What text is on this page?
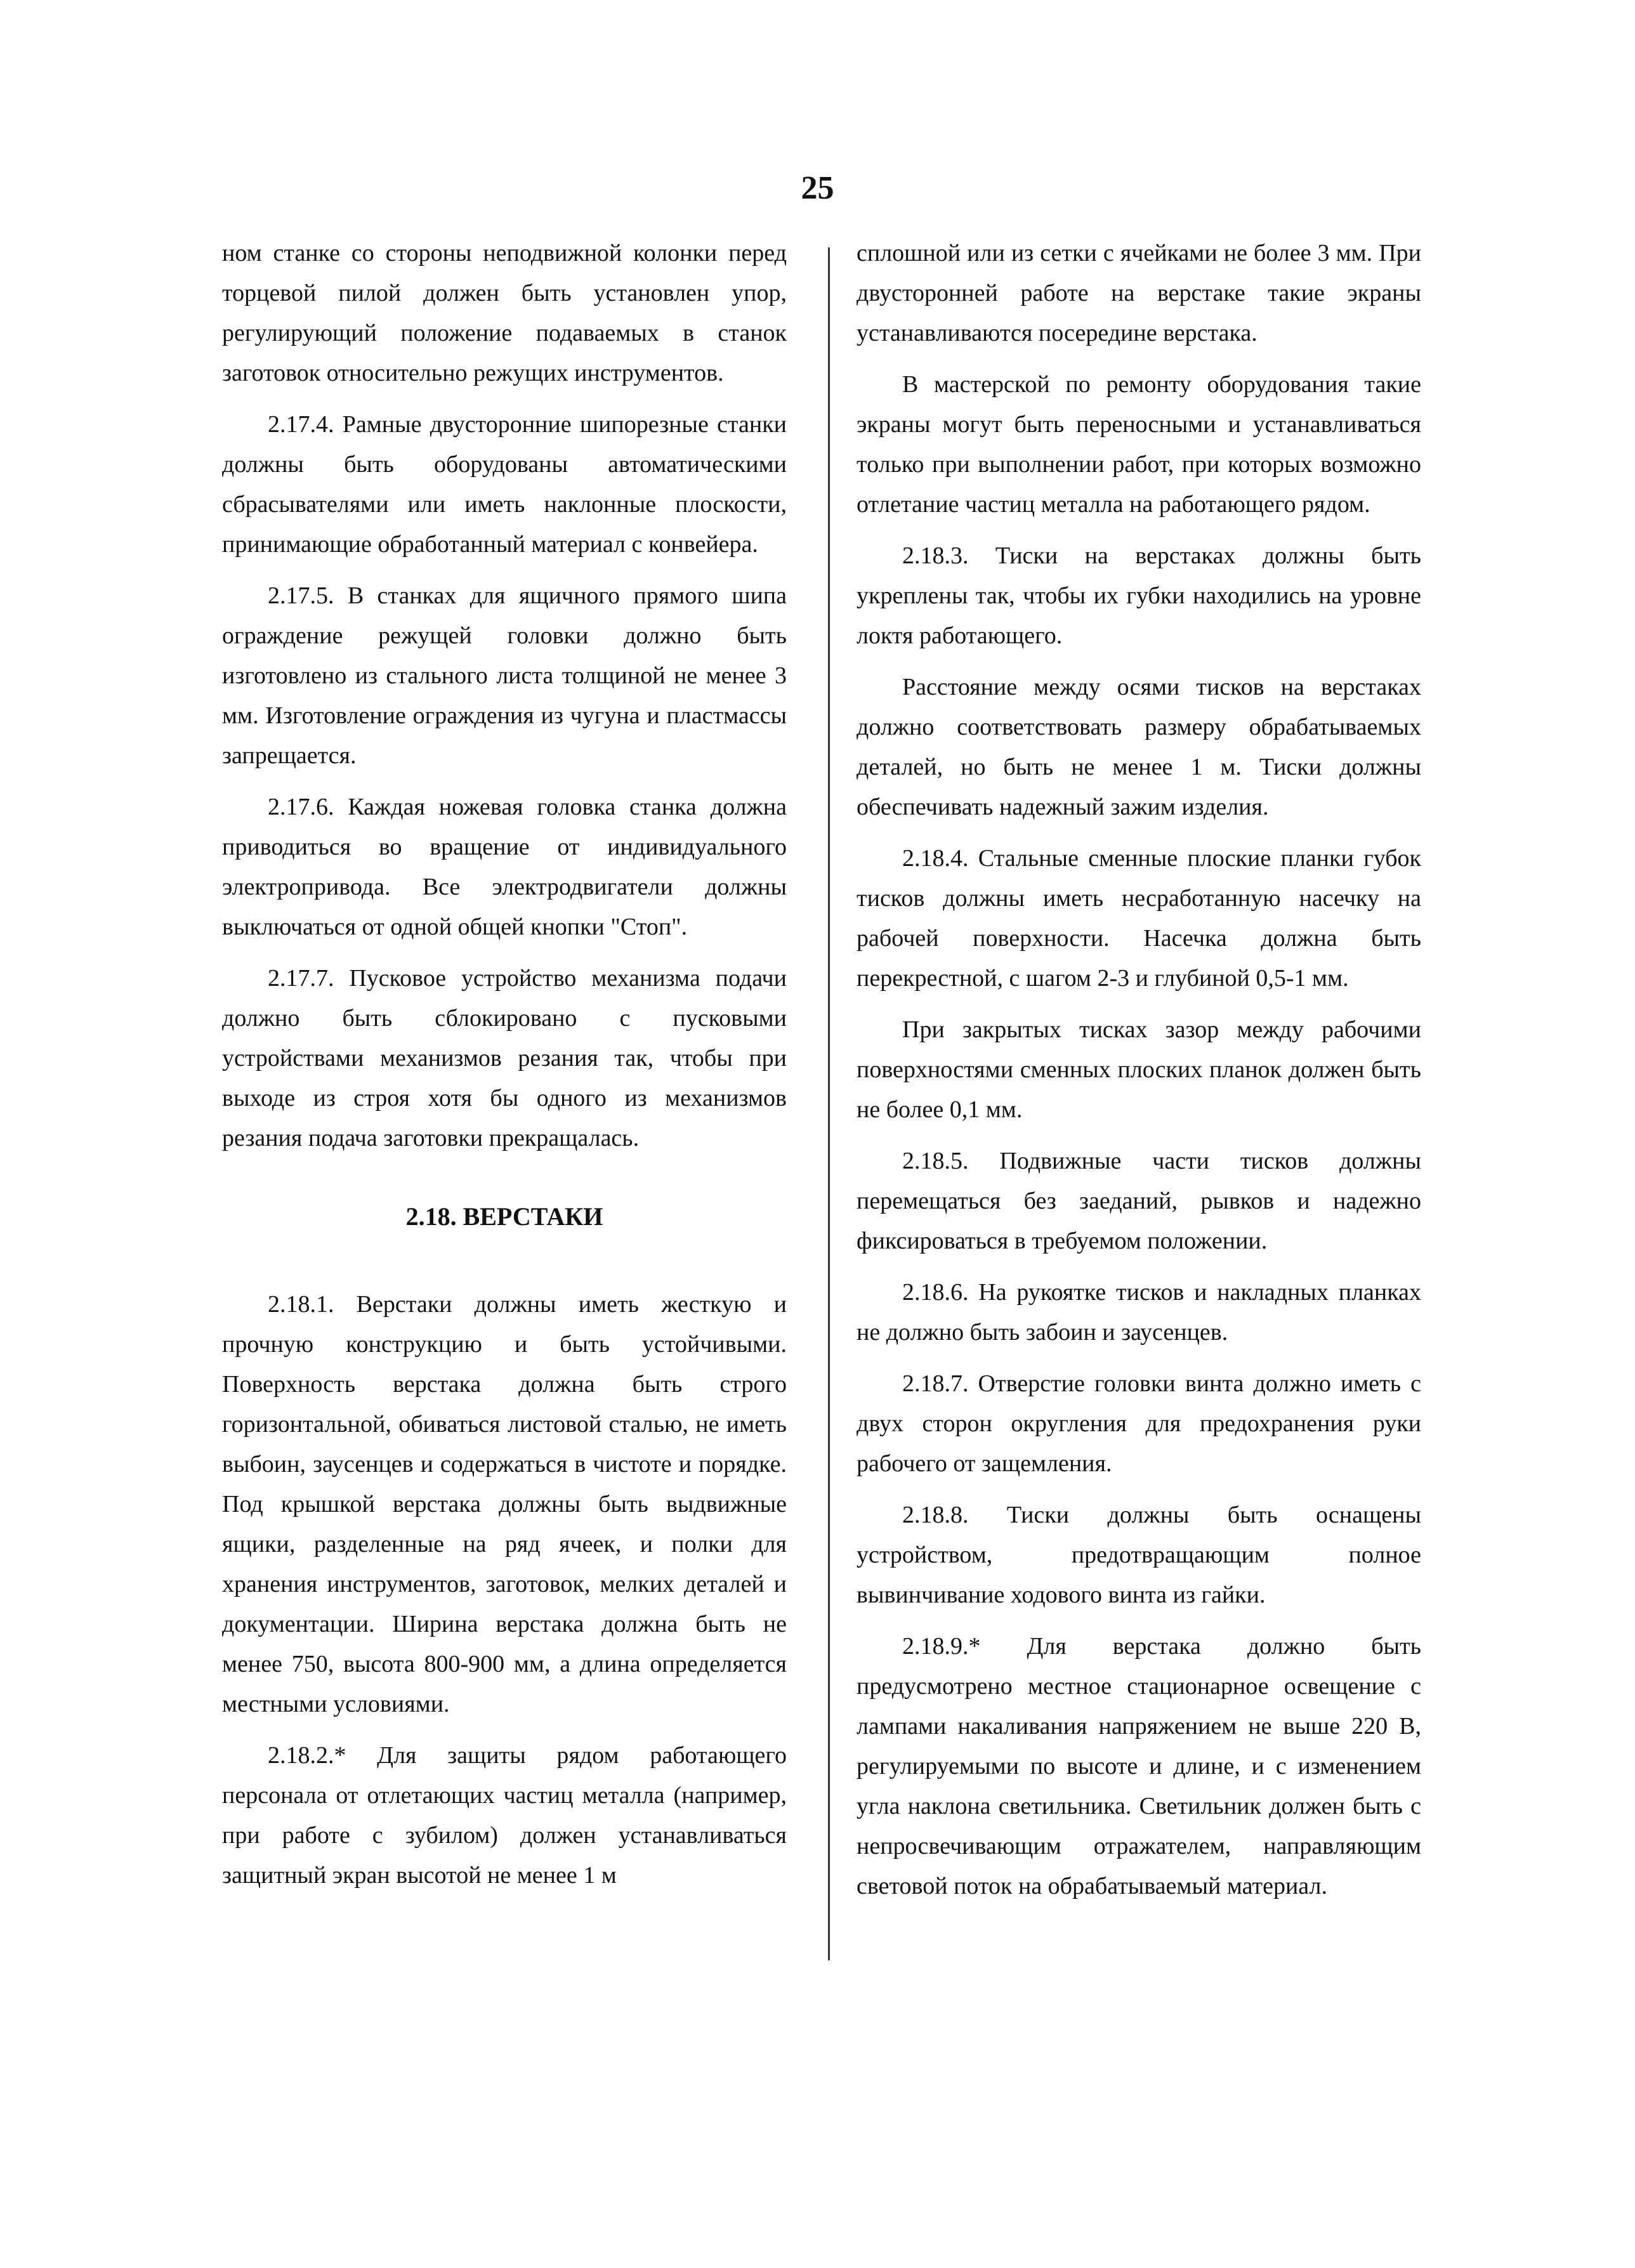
25

ном станке со стороны неподвижной колонки перед торцевой пилой должен быть установлен упор, регулирующий положение подаваемых в станок заготовок относительно режущих инструментов.

2.17.4. Рамные двусторонние шипорезные станки должны быть оборудованы автоматическими сбрасывателями или иметь наклонные плоскости, принимающие обработанный материал с конвейера.

2.17.5. В станках для ящичного прямого шипа ограждение режущей головки должно быть изготовлено из стального листа толщиной не менее 3 мм. Изготовление ограждения из чугуна и пластмассы запрещается.

2.17.6. Каждая ножевая головка станка должна приводиться во вращение от индивидуального электропривода. Все электродвигатели должны выключаться от одной общей кнопки "Стоп".

2.17.7. Пусковое устройство механизма подачи должно быть сблокировано с пусковыми устройствами механизмов резания так, чтобы при выходе из строя хотя бы одного из механизмов резания подача заготовки прекращалась.

2.18. ВЕРСТАКИ

2.18.1. Верстаки должны иметь жесткую и прочную конструкцию и быть устойчивыми. Поверхность верстака должна быть строго горизонтальной, обиваться листовой сталью, не иметь выбоин, заусенцев и содержаться в чистоте и порядке. Под крышкой верстака должны быть выдвижные ящики, разделенные на ряд ячеек, и полки для хранения инструментов, заготовок, мелких деталей и документации. Ширина верстака должна быть не менее 750, высота 800-900 мм, а длина определяется местными условиями.

2.18.2.* Для защиты рядом работающего персонала от отлетающих частиц металла (например, при работе с зубилом) должен устанавливаться защитный экран высотой не менее 1 м

сплошной или из сетки с ячейками не более 3 мм. При двусторонней работе на верстаке такие экраны устанавливаются посередине верстака.

В мастерской по ремонту оборудования такие экраны могут быть переносными и устанавливаться только при выполнении работ, при которых возможно отлетание частиц металла на работающего рядом.

2.18.3. Тиски на верстаках должны быть укреплены так, чтобы их губки находились на уровне локтя работающего.

Расстояние между осями тисков на верстаках должно соответствовать размеру обрабатываемых деталей, но быть не менее 1 м. Тиски должны обеспечивать надежный зажим изделия.

2.18.4. Стальные сменные плоские планки губок тисков должны иметь несработанную насечку на рабочей поверхности. Насечка должна быть перекрестной, с шагом 2-3 и глубиной 0,5-1 мм.

При закрытых тисках зазор между рабочими поверхностями сменных плоских планок должен быть не более 0,1 мм.

2.18.5. Подвижные части тисков должны перемещаться без заеданий, рывков и надежно фиксироваться в требуемом положении.

2.18.6. На рукоятке тисков и накладных планках не должно быть забоин и заусенцев.

2.18.7. Отверстие головки винта должно иметь с двух сторон округления для предохранения руки рабочего от защемления.

2.18.8. Тиски должны быть оснащены устройством, предотвращающим полное вывинчивание ходового винта из гайки.

2.18.9.* Для верстака должно быть предусмотрено местное стационарное освещение с лампами накаливания напряжением не выше 220 В, регулируемыми по высоте и длине, и с изменением угла наклона светильника. Светильник должен быть с непросвечивающим отражателем, направляющим световой поток на обрабатываемый материал.
